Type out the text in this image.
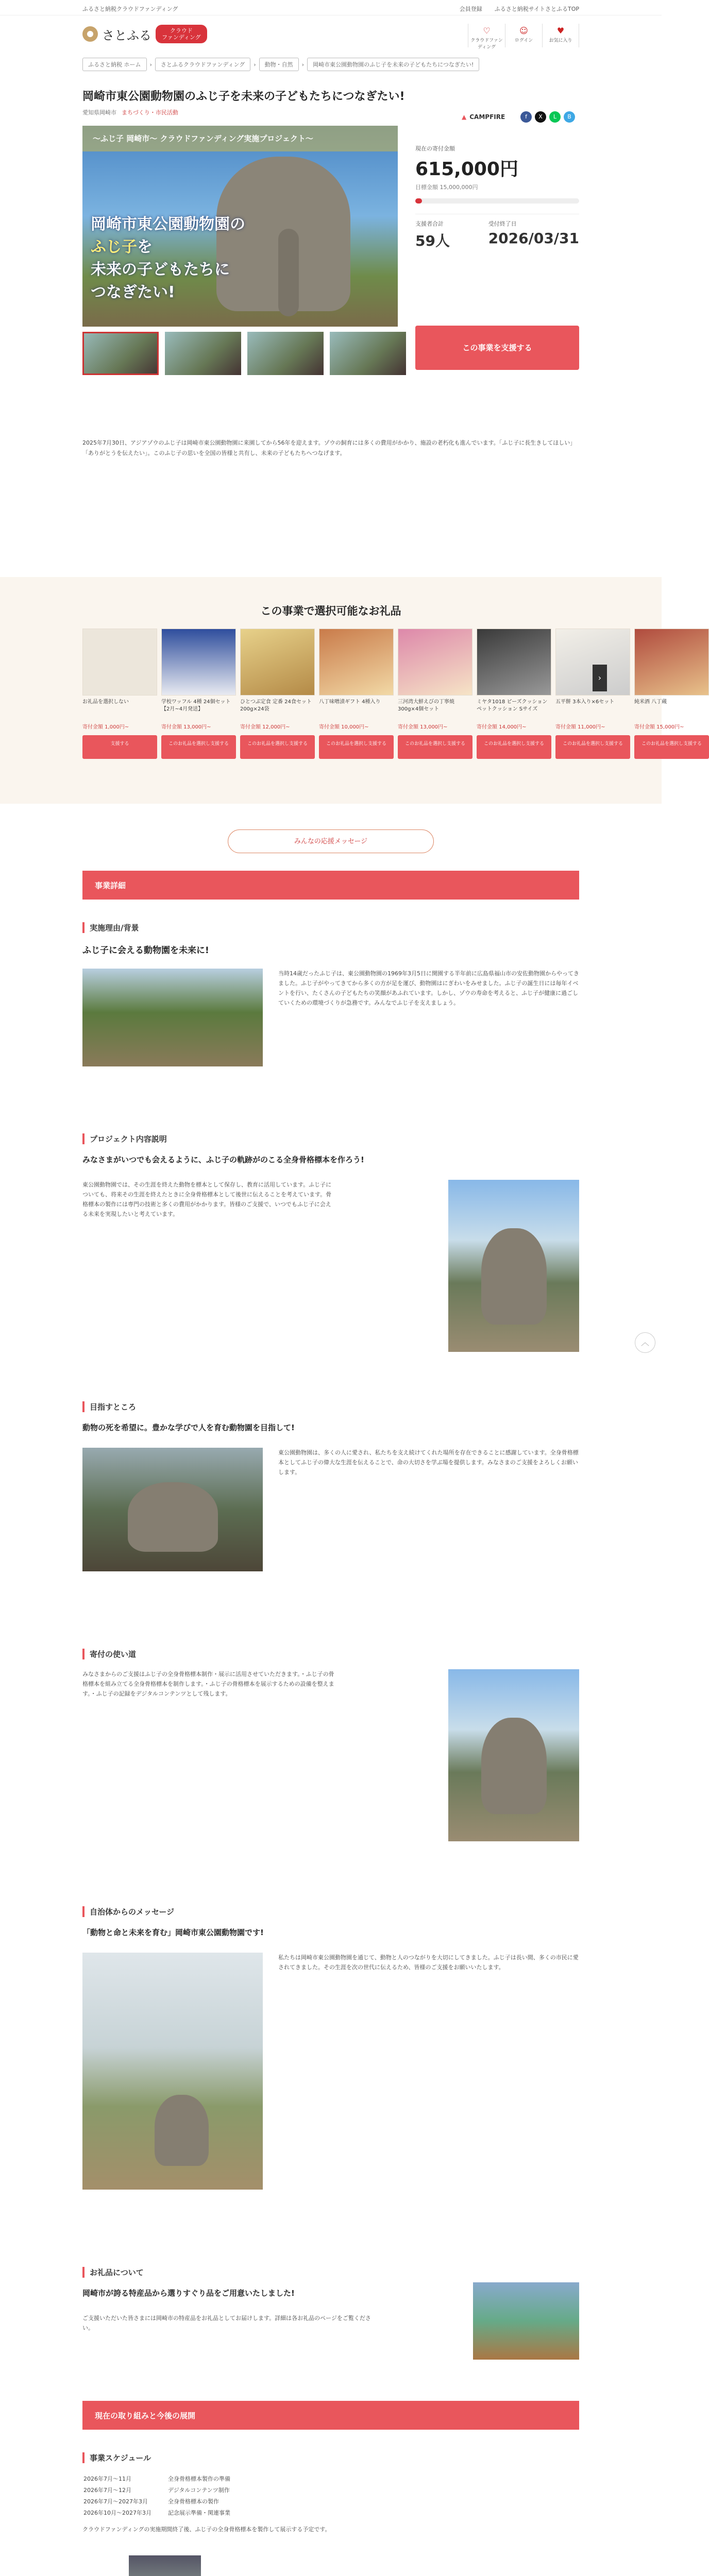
ふるさと納税クラウドファンディング	会員登録 ふるさと納税サイトさとふるTOP
さとふる	クラウド
ファンディング
♡
クラウドファンディング
☺
ログイン
♥
お気に入り
ふるさと納税 ホーム	›	さとふるクラウドファンディング	›	動物・自然	›	岡崎市東公園動物園のふじ子を未来の子どもたちにつなぎたい!
岡崎市東公園動物園のふじ子を未来の子どもたちにつなぎたい!
愛知県岡崎市 まちづくり・市民活動
▲ CAMPFIRE	f	X	L	B
〜ふじ子 岡崎市〜 クラウドファンディング実施プロジェクト〜
岡崎市東公園動物園の
ふじ子を
未来の子どもたちに
つなぎたい!
現在の寄付金額
615,000円
目標金額 15,000,000円
支援者合計
59人
受付終了日
2026/03/31
この事業を支援する
2025年7月30日、アジアゾウのふじ子は岡崎市東公園動物園に来園してから56年を迎えます。ゾウの飼育には多くの費用がかかり、施設の老朽化も進んでいます。「ふじ子に長生きしてほしい」「ありがとうを伝えたい」。このふじ子の思いを全国の皆様と共有し、未来の子どもたちへつなげます。
この事業で選択可能なお礼品
お礼品を選択しない
寄付金額 1,000円~
支援する
学校ワッフル 4種 24個セット【2月~4月発送】
寄付金額 13,000円~
このお礼品を選択し支援する
ひとつぶ定食 定番 24食セット 200g×24袋
寄付金額 12,000円~
このお礼品を選択し支援する
八丁味噌漬ギフト 4種入り
寄付金額 10,000円~
このお礼品を選択し支援する
三河湾大鮮えびの丁寧焼 300g×4個セット
寄付金額 13,000円~
このお礼品を選択し支援する
ミヤタ1018 ピーズクッション ペットクッション Sサイズ
寄付金額 14,000円~
このお礼品を選択し支援する
五平餅 3本入り×6セット
寄付金額 11,000円~
このお礼品を選択し支援する
純米酒 八丁蔵
寄付金額 15,000円~
このお礼品を選択し支援する
›
みんなの応援メッセージ
事業詳細
実施理由/背景
ふじ子に会える動物園を未来に!
当時14歳だったふじ子は、東公園動物園の1969年3月5日に開園する半年前に広島県福山市の安佐動物園からやってきました。ふじ子がやってきてから多くの方が足を運び、動物園はにぎわいをみせました。ふじ子の誕生日には毎年イベントを行い、たくさんの子どもたちの笑顔があふれています。しかし、ゾウの寿命を考えると、ふじ子が健康に過ごしていくための環境づくりが急務です。みんなでふじ子を支えましょう。
プロジェクト内容説明
みなさまがいつでも会えるように、ふじ子の軌跡がのこる全身骨格標本を作ろう!
東公園動物園では、その生涯を終えた動物を標本として保存し、教育に活用しています。ふじ子についても、将来その生涯を終えたときに全身骨格標本として後世に伝えることを考えています。骨格標本の製作には専門の技術と多くの費用がかかります。皆様のご支援で、いつでもふじ子に会える未来を実現したいと考えています。
目指すところ
動物の死を希望に。豊かな学びで人を育む動物園を目指して!
東公園動物園は、多くの人に愛され、私たちを支え続けてくれた場所を存在できることに感謝しています。全身骨格標本としてふじ子の偉大な生涯を伝えることで、命の大切さを学ぶ場を提供します。みなさまのご支援をよろしくお願いします。
寄付の使い道
みなさまからのご支援はふじ子の全身骨格標本制作・展示に活用させていただきます。・ふじ子の骨格標本を組み立てる全身骨格標本を制作します。・ふじ子の骨格標本を展示するための設備を整えます。・ふじ子の記録をデジタルコンテンツとして残します。
自治体からのメッセージ
「動物と命と未来を育む」岡崎市東公園動物園です!
私たちは岡崎市東公園動物園を通じて、動物と人のつながりを大切にしてきました。ふじ子は長い間、多くの市民に愛されてきました。その生涯を次の世代に伝えるため、皆様のご支援をお願いいたします。
お礼品について
岡崎市が誇る特産品から選りすぐり品をご用意いたしました!
ご支援いただいた皆さまには岡崎市の特産品をお礼品としてお届けします。詳細は各お礼品のページをご覧ください。
現在の取り組みと今後の展開
事業スケジュール
2026年7月～11月	全身骨格標本製作の準備
2026年7月～12月	デジタルコンテンツ制作
2026年7月～2027年3月	全身骨格標本の製作
2026年10月～2027年3月	記念展示準備・関連事業
クラウドファンディングの実施期間終了後、ふじ子の全身骨格標本を製作して展示する予定です。
︿
